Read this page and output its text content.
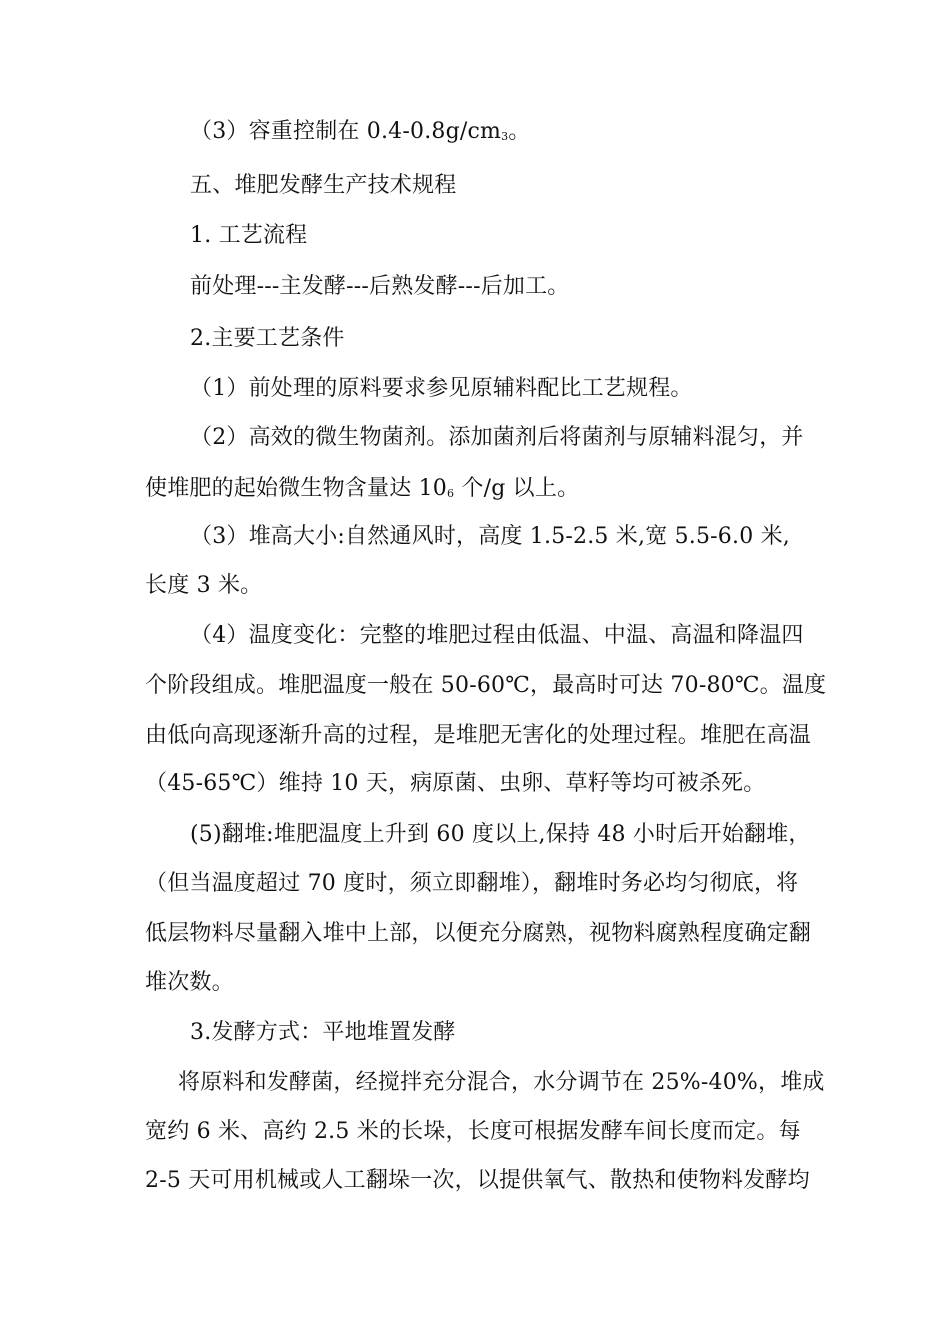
（3）容重控制在 $0.4-0.8g/cm_3$。
五、堆肥发酵生产技术规程
1. 工艺流程
前处理---主发酵---后熟发酵---后加工。
2.主要工艺条件
（1）前处理的原料要求参见原辅料配比工艺规程。
（2）高效的微生物菌剂。添加菌剂后将菌剂与原辅料混匀，并
使堆肥的起始微生物含量达 $10_6$ 个/g 以上。
（3）堆高大小:自然通风时，高度 1.5-2.5 米,宽 5.5-6.0 米,
长度 3 米。
（4）温度变化：完整的堆肥过程由低温、中温、高温和降温四
个阶段组成。堆肥温度一般在 50-60℃，最高时可达 70-80℃。温度
由低向高现逐渐升高的过程，是堆肥无害化的处理过程。堆肥在高温
（45-65℃）维持 10 天，病原菌、虫卵、草籽等均可被杀死。
(5)翻堆:堆肥温度上升到 60 度以上,保持 48 小时后开始翻堆，
（但当温度超过 70 度时，须立即翻堆），翻堆时务必均匀彻底，将
低层物料尽量翻入堆中上部，以便充分腐熟，视物料腐熟程度确定翻
堆次数。
3.发酵方式：平地堆置发酵
将原料和发酵菌，经搅拌充分混合，水分调节在 25%-40%，堆成
宽约 6 米、高约 2.5 米的长垛，长度可根据发酵车间长度而定。每
2-5 天可用机械或人工翻垛一次，以提供氧气、散热和使物料发酵均
